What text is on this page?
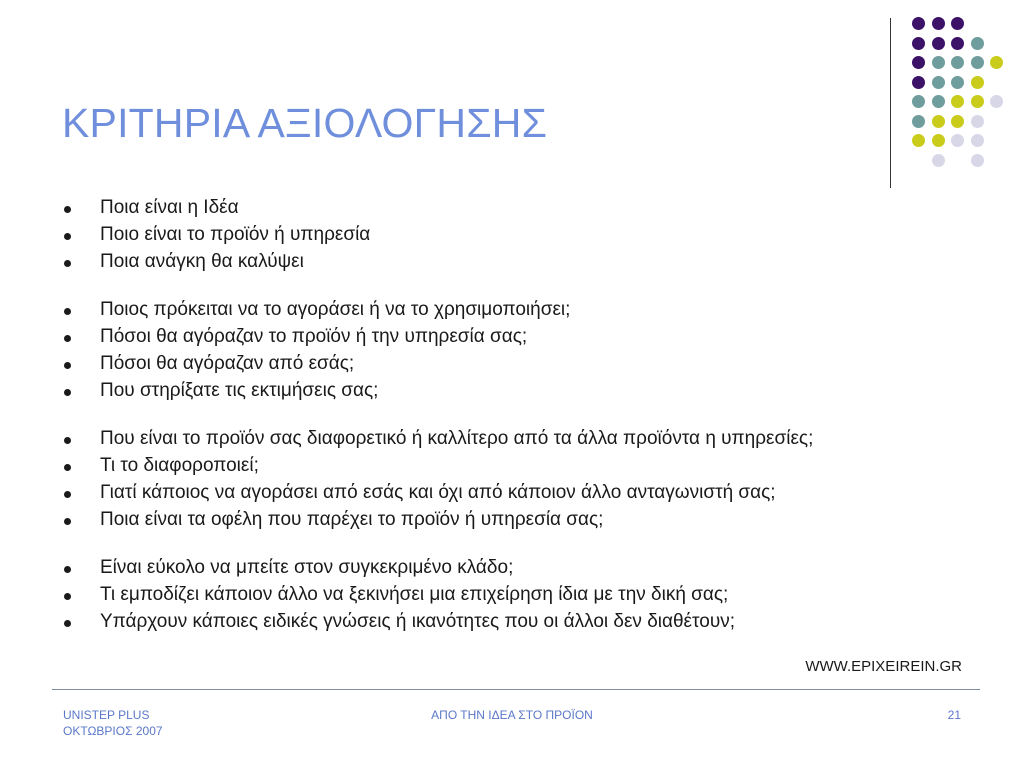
ΚΡΙΤΗΡΙΑ ΑΞΙΟΛΟΓΗΣΗΣ
Ποια είναι η Ιδέα
Ποιο είναι το προϊόν ή υπηρεσία
Ποια ανάγκη θα καλύψει
Ποιος πρόκειται να το αγοράσει ή να το χρησιμοποιήσει;
Πόσοι θα αγόραζαν το προϊόν ή την υπηρεσία σας;
Πόσοι θα αγόραζαν από εσάς;
Που στηρίξατε τις εκτιμήσεις σας;
Που είναι το προϊόν σας διαφορετικό ή καλλίτερο από τα άλλα προϊόντα η υπηρεσίες;
Τι το διαφοροποιεί;
Γιατί κάποιος να αγοράσει από εσάς και όχι από κάποιον άλλο ανταγωνιστή σας;
Ποια είναι τα οφέλη που παρέχει το προϊόν ή υπηρεσία σας;
Είναι εύκολο να μπείτε στον συγκεκριμένο κλάδο;
Τι εμποδίζει κάποιον άλλο να ξεκινήσει μια επιχείρηση ίδια με την δική σας;
Υπάρχουν κάποιες ειδικές γνώσεις ή ικανότητες που οι άλλοι δεν διαθέτουν;
WWW.EPIXEIREIN.GR
UNISTEP PLUS
ΟΚΤΩΒΡΙΟΣ 2007
ΑΠΟ ΤΗΝ ΙΔΕΑ ΣΤΟ ΠΡΟΪΟΝ	21
